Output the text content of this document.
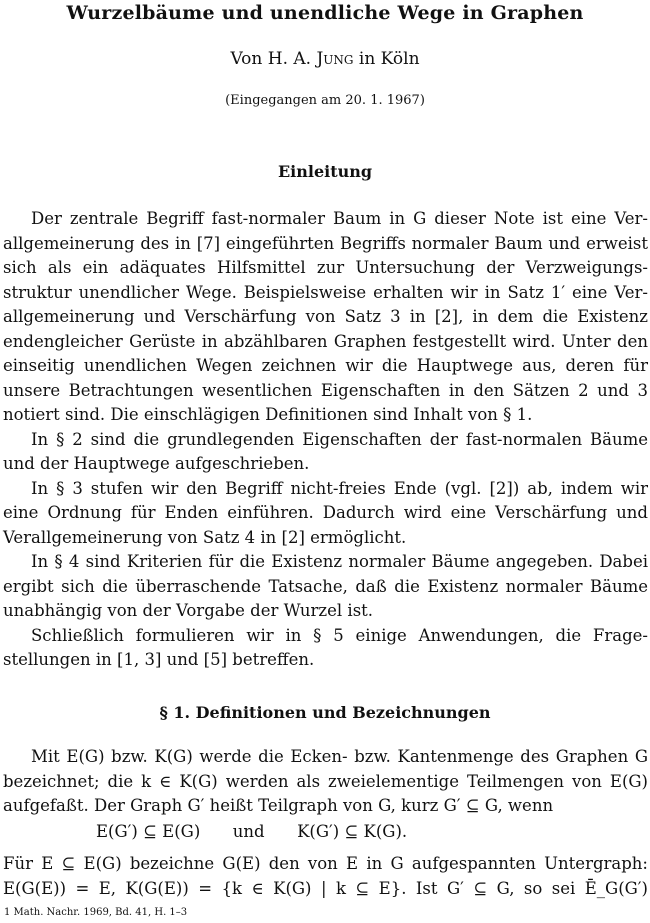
Wurzelbäume und unendliche Wege in Graphen
Von H. A. Jung in Köln
(Eingegangen am 20. 1. 1967)
Einleitung
Der zentrale Begriff fast-normaler Baum in G dieser Note ist eine Ver-
allgemeinerung des in [7] eingeführten Begriffs normaler Baum und erweist
sich als ein adäquates Hilfsmittel zur Untersuchung der Verzweigungs-
struktur unendlicher Wege. Beispielsweise erhalten wir in Satz 1′ eine Ver-
allgemeinerung und Verschärfung von Satz 3 in [2], in dem die Existenz
endengleicher Gerüste in abzählbaren Graphen festgestellt wird. Unter den
einseitig unendlichen Wegen zeichnen wir die Hauptwege aus, deren für
unsere Betrachtungen wesentlichen Eigenschaften in den Sätzen 2 und 3
notiert sind. Die einschlägigen Definitionen sind Inhalt von § 1.
In § 2 sind die grundlegenden Eigenschaften der fast-normalen Bäume
und der Hauptwege aufgeschrieben.
In § 3 stufen wir den Begriff nicht-freies Ende (vgl. [2]) ab, indem wir
eine Ordnung für Enden einführen. Dadurch wird eine Verschärfung und
Verallgemeinerung von Satz 4 in [2] ermöglicht.
In § 4 sind Kriterien für die Existenz normaler Bäume angegeben. Dabei
ergibt sich die überraschende Tatsache, daß die Existenz normaler Bäume
unabhängig von der Vorgabe der Wurzel ist.
Schließlich formulieren wir in § 5 einige Anwendungen, die Frage-
stellungen in [1, 3] und [5] betreffen.
§ 1. Definitionen und Bezeichnungen
Mit E(G) bzw. K(G) werde die Ecken- bzw. Kantenmenge des Graphen G
bezeichnet; die k ∈ K(G) werden als zweielementige Teilmengen von E(G)
aufgefaßt. Der Graph G′ heißt Teilgraph von G, kurz G′ ⊆ G, wenn
E(G′) ⊆ E(G) und K(G′) ⊆ K(G).
Für E ⊆ E(G) bezeichne G(E) den von E in G aufgespannten Untergraph:
E(G(E)) = E, K(G(E)) = {k ∈ K(G) | k ⊆ E}. Ist G′ ⊆ G, so sei Ē_G(G′)
1 Math. Nachr. 1969, Bd. 41, H. 1–3
